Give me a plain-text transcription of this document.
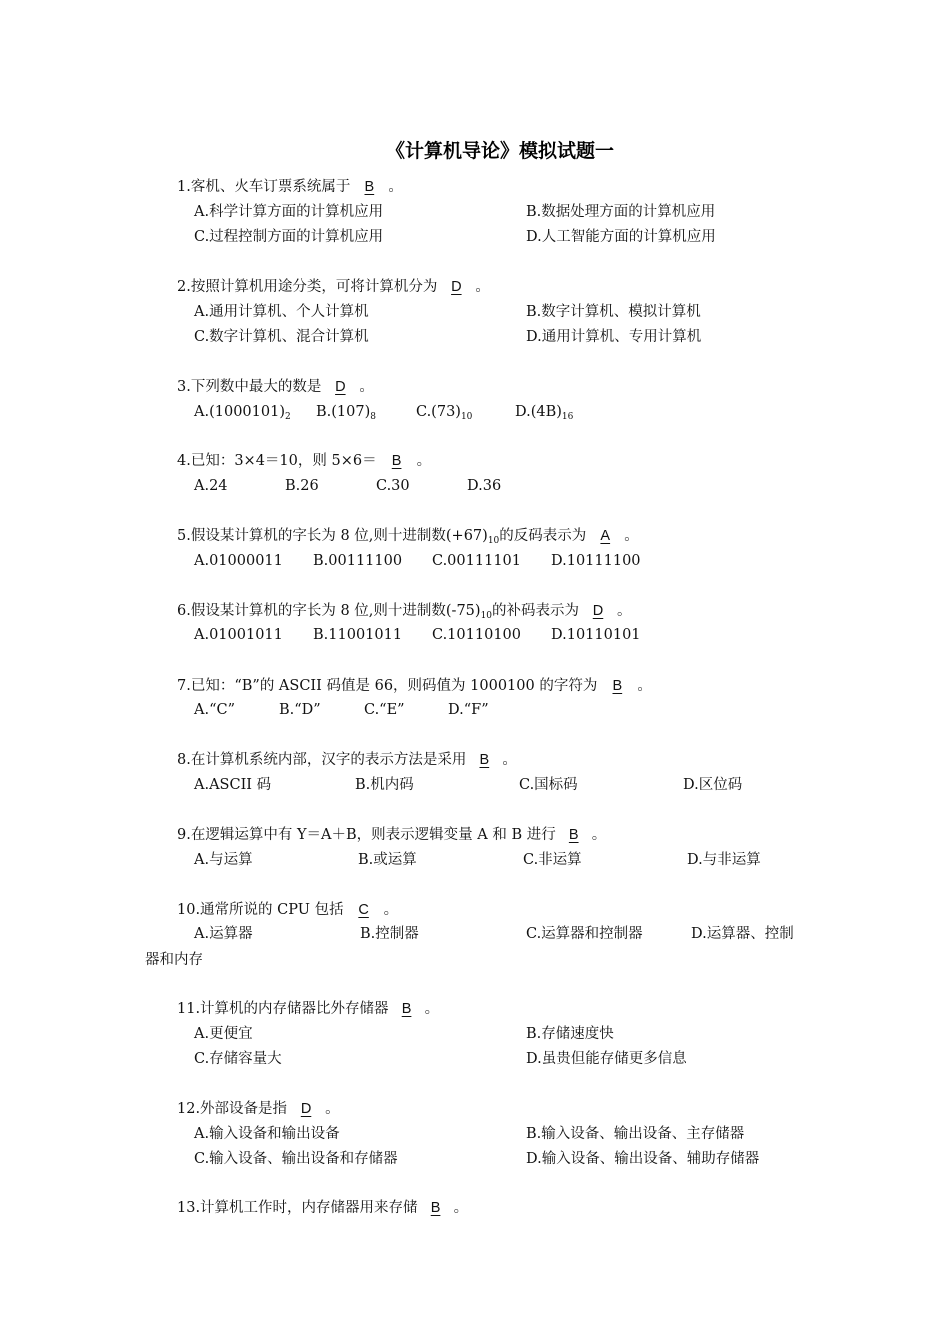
《计算机导论》模拟试题一
1.客机、火车订票系统属于 B 。
A.科学计算方面的计算机应用	B.数据处理方面的计算机应用
C.过程控制方面的计算机应用	D.人工智能方面的计算机应用
2.按照计算机用途分类，可将计算机分为 D 。
A.通用计算机、个人计算机	B.数字计算机、模拟计算机
C.数字计算机、混合计算机	D.通用计算机、专用计算机
3.下列数中最大的数是 D 。
$A.(1000101)_2$ $B.(107)_8$	$C.(73)_{10}$	$D.(4B)_{16}$
4.已知：3×4＝10，则 5×6＝ B 。
A.24	B.26	C.30	D.36
5.假设某计算机的字长为 8 位,则十进制数$(+67)_{10}$的反码表示为 A 。
A.01000011 B.00111100 C.00111101 D.10111100
6.假设某计算机的字长为 8 位,则十进制数$(-75)_{10}$的补码表示为 D 。
A.01001011 B.11001011 C.10110100 D.10110101
7.已知：“B”的 ASCII 码值是 66，则码值为 1000100 的字符为 B 。
A.“C”	B.“D”	C.“E”	D.“F”
8.在计算机系统内部，汉字的表示方法是采用 B 。
A.ASCII 码	B.机内码	C.国标码	D.区位码
9.在逻辑运算中有 Y＝A＋B，则表示逻辑变量 A 和 B 进行 B 。
A.与运算	B.或运算	C.非运算	D.与非运算
10.通常所说的 CPU 包括 C 。
A.运算器	B.控制器	C.运算器和控制器	D.运算器、控制
器和内存
11.计算机的内存储器比外存储器 B 。
A.更便宜	B.存储速度快
C.存储容量大	D.虽贵但能存储更多信息
12.外部设备是指 D 。
A.输入设备和输出设备	B.输入设备、输出设备、主存储器
C.输入设备、输出设备和存储器	D.输入设备、输出设备、辅助存储器
13.计算机工作时，内存储器用来存储 B 。
